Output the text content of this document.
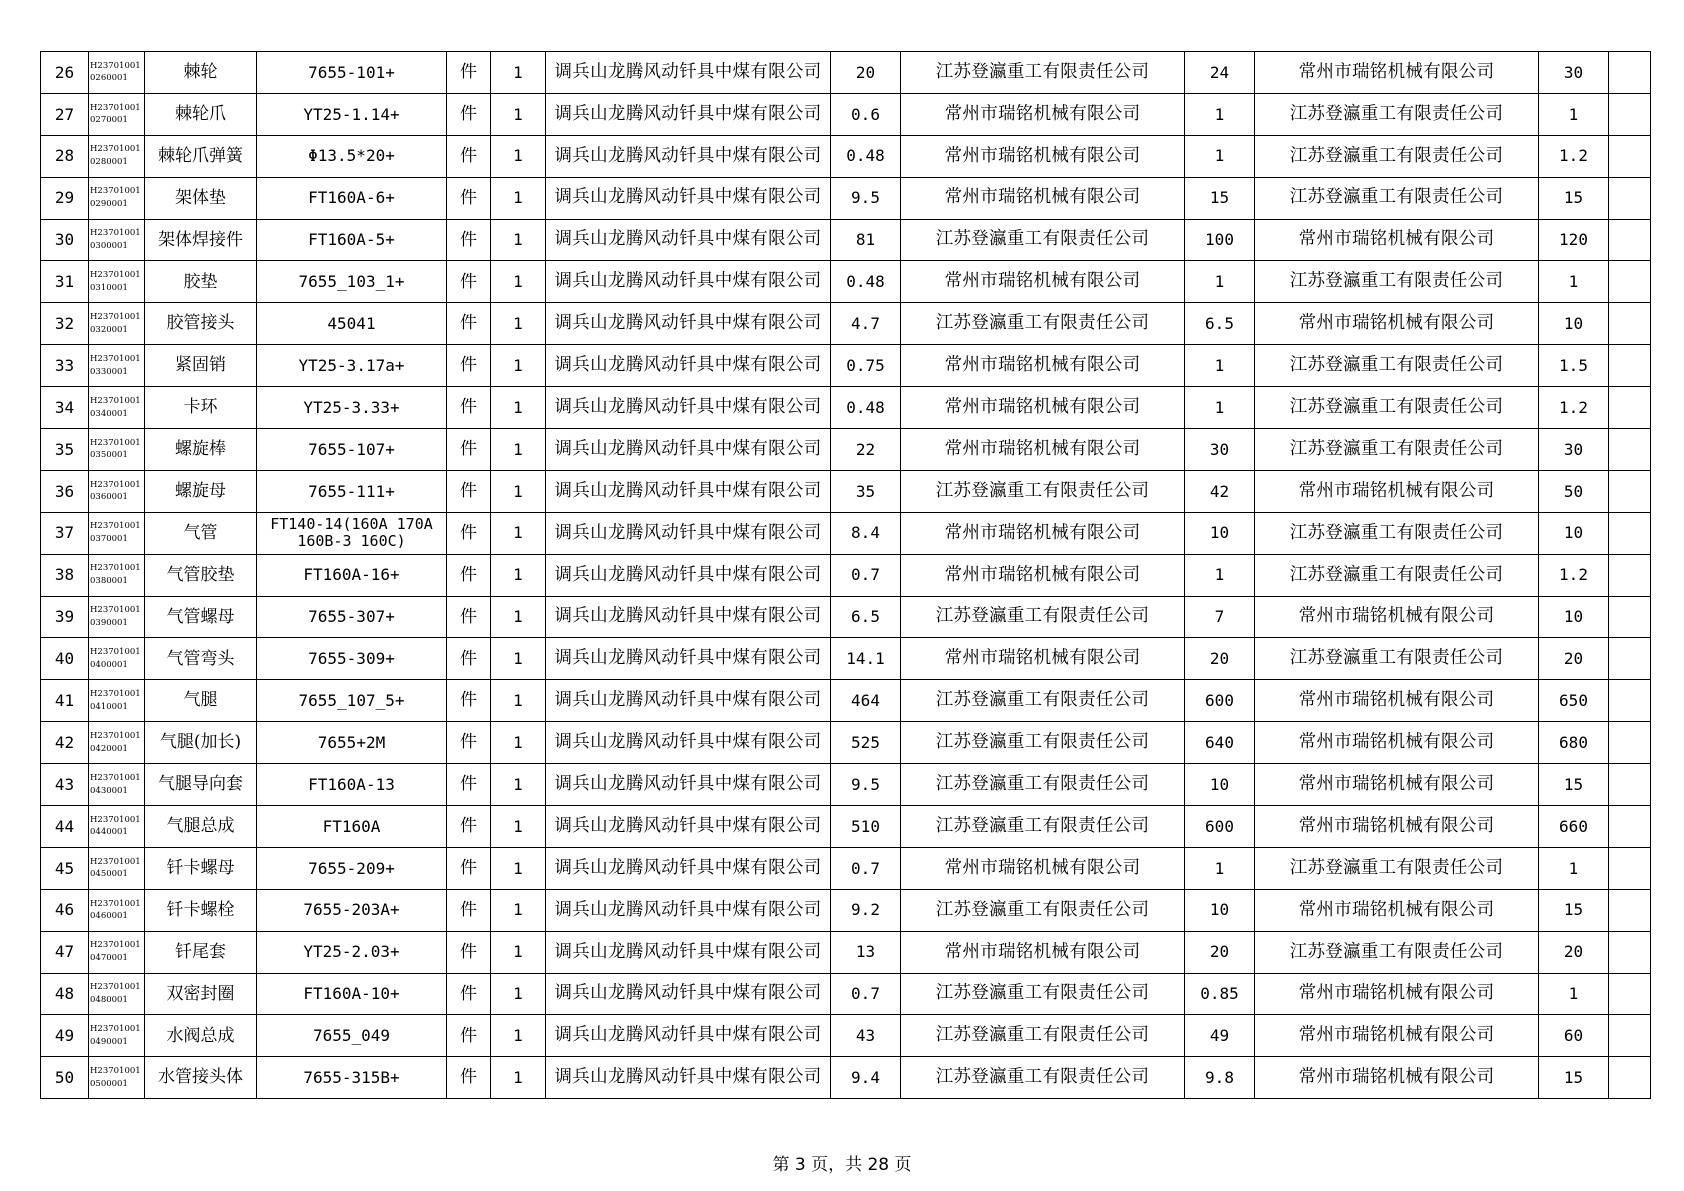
26	H237010010260001	棘轮	7655-101+	件	1	调兵山龙腾风动钎具中煤有限公司	20	江苏登瀛重工有限责任公司	24	常州市瑞铭机械有限公司	30	
27	H237010010270001	棘轮爪	YT25-1.14+	件	1	调兵山龙腾风动钎具中煤有限公司	0.6	常州市瑞铭机械有限公司	1	江苏登瀛重工有限责任公司	1	
28	H237010010280001	棘轮爪弹簧	Φ13.5*20+	件	1	调兵山龙腾风动钎具中煤有限公司	0.48	常州市瑞铭机械有限公司	1	江苏登瀛重工有限责任公司	1.2	
29	H237010010290001	架体垫	FT160A-6+	件	1	调兵山龙腾风动钎具中煤有限公司	9.5	常州市瑞铭机械有限公司	15	江苏登瀛重工有限责任公司	15	
30	H237010010300001	架体焊接件	FT160A-5+	件	1	调兵山龙腾风动钎具中煤有限公司	81	江苏登瀛重工有限责任公司	100	常州市瑞铭机械有限公司	120	
31	H237010010310001	胶垫	7655_103_1+	件	1	调兵山龙腾风动钎具中煤有限公司	0.48	常州市瑞铭机械有限公司	1	江苏登瀛重工有限责任公司	1	
32	H237010010320001	胶管接头	45041	件	1	调兵山龙腾风动钎具中煤有限公司	4.7	江苏登瀛重工有限责任公司	6.5	常州市瑞铭机械有限公司	10	
33	H237010010330001	紧固销	YT25-3.17a+	件	1	调兵山龙腾风动钎具中煤有限公司	0.75	常州市瑞铭机械有限公司	1	江苏登瀛重工有限责任公司	1.5	
34	H237010010340001	卡环	YT25-3.33+	件	1	调兵山龙腾风动钎具中煤有限公司	0.48	常州市瑞铭机械有限公司	1	江苏登瀛重工有限责任公司	1.2	
35	H237010010350001	螺旋棒	7655-107+	件	1	调兵山龙腾风动钎具中煤有限公司	22	常州市瑞铭机械有限公司	30	江苏登瀛重工有限责任公司	30	
36	H237010010360001	螺旋母	7655-111+	件	1	调兵山龙腾风动钎具中煤有限公司	35	江苏登瀛重工有限责任公司	42	常州市瑞铭机械有限公司	50	
37	H237010010370001	气管	FT140-14(160A 170A 160B-3 160C)	件	1	调兵山龙腾风动钎具中煤有限公司	8.4	常州市瑞铭机械有限公司	10	江苏登瀛重工有限责任公司	10	
38	H237010010380001	气管胶垫	FT160A-16+	件	1	调兵山龙腾风动钎具中煤有限公司	0.7	常州市瑞铭机械有限公司	1	江苏登瀛重工有限责任公司	1.2	
39	H237010010390001	气管螺母	7655-307+	件	1	调兵山龙腾风动钎具中煤有限公司	6.5	江苏登瀛重工有限责任公司	7	常州市瑞铭机械有限公司	10	
40	H237010010400001	气管弯头	7655-309+	件	1	调兵山龙腾风动钎具中煤有限公司	14.1	常州市瑞铭机械有限公司	20	江苏登瀛重工有限责任公司	20	
41	H237010010410001	气腿	7655_107_5+	件	1	调兵山龙腾风动钎具中煤有限公司	464	江苏登瀛重工有限责任公司	600	常州市瑞铭机械有限公司	650	
42	H237010010420001	气腿(加长)	7655+2M	件	1	调兵山龙腾风动钎具中煤有限公司	525	江苏登瀛重工有限责任公司	640	常州市瑞铭机械有限公司	680	
43	H237010010430001	气腿导向套	FT160A-13	件	1	调兵山龙腾风动钎具中煤有限公司	9.5	江苏登瀛重工有限责任公司	10	常州市瑞铭机械有限公司	15	
44	H237010010440001	气腿总成	FT160A	件	1	调兵山龙腾风动钎具中煤有限公司	510	江苏登瀛重工有限责任公司	600	常州市瑞铭机械有限公司	660	
45	H237010010450001	钎卡螺母	7655-209+	件	1	调兵山龙腾风动钎具中煤有限公司	0.7	常州市瑞铭机械有限公司	1	江苏登瀛重工有限责任公司	1	
46	H237010010460001	钎卡螺栓	7655-203A+	件	1	调兵山龙腾风动钎具中煤有限公司	9.2	江苏登瀛重工有限责任公司	10	常州市瑞铭机械有限公司	15	
47	H237010010470001	钎尾套	YT25-2.03+	件	1	调兵山龙腾风动钎具中煤有限公司	13	常州市瑞铭机械有限公司	20	江苏登瀛重工有限责任公司	20	
48	H237010010480001	双密封圈	FT160A-10+	件	1	调兵山龙腾风动钎具中煤有限公司	0.7	江苏登瀛重工有限责任公司	0.85	常州市瑞铭机械有限公司	1	
49	H237010010490001	水阀总成	7655_049	件	1	调兵山龙腾风动钎具中煤有限公司	43	江苏登瀛重工有限责任公司	49	常州市瑞铭机械有限公司	60	
50	H237010010500001	水管接头体	7655-315B+	件	1	调兵山龙腾风动钎具中煤有限公司	9.4	江苏登瀛重工有限责任公司	9.8	常州市瑞铭机械有限公司	15	
第 3 页，共 28 页
